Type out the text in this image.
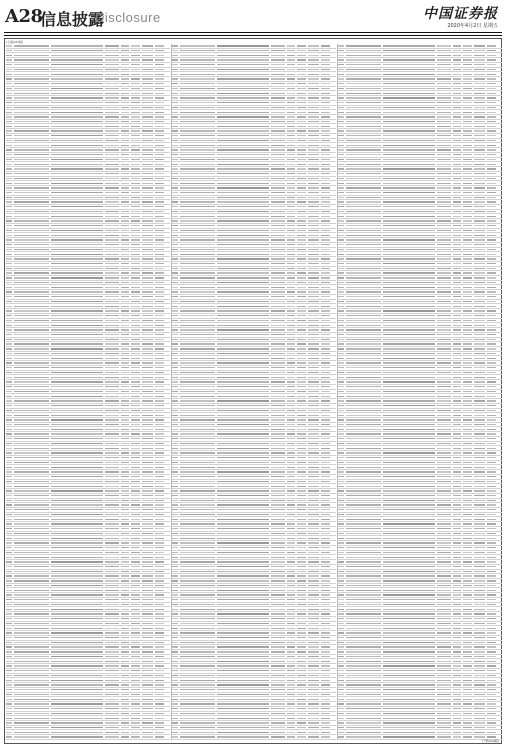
A28
信息披露
Disclosure	中国证券报
2020年4月2日 星期五
(上接A27版)
(下转A29版)
